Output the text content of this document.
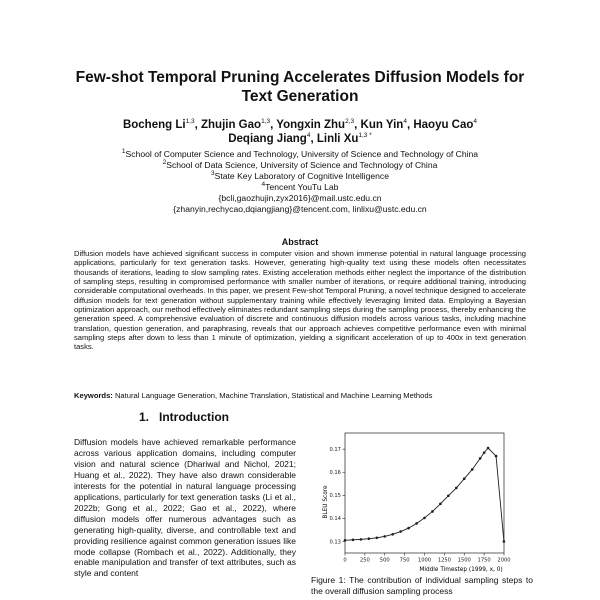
Few-shot Temporal Pruning Accelerates Diffusion Models for Text Generation
Bocheng Li$^{1,3}$, Zhujin Gao$^{1,3}$, Yongxin Zhu$^{2,3}$, Kun Yin$^4$, Haoyu Cao$^4$
Deqiang Jiang$^4$, Linli $Xu^{1,3 *}$
$^1$School of Computer Science and Technology, University of Science and Technology of China
$^2$School of Data Science, University of Science and Technology of China
$^3$State Key Laboratory of Cognitive Intelligence
$^4$Tencent YouTu Lab
{bcli,gaozhujin,zyx2016}@mail.ustc.edu.cn
{zhanyin,rechycao,dqiangjiang}@tencent.com, linlixu@ustc.edu.cn
Abstract
Diffusion models have achieved significant success in computer vision and shown immense potential in natural language processing applications, particularly for text generation tasks. However, generating high-quality text using these models often necessitates thousands of iterations, leading to slow sampling rates. Existing acceleration methods either neglect the importance of the distribution of sampling steps, resulting in compromised performance with smaller number of iterations, or require additional training, introducing considerable computational overheads. In this paper, we present Few-shot Temporal Pruning, a novel technique designed to accelerate diffusion models for text generation without supplementary training while effectively leveraging limited data. Employing a Bayesian optimization approach, our method effectively eliminates redundant sampling steps during the sampling process, thereby enhancing the generation speed. A comprehensive evaluation of discrete and continuous diffusion models across various tasks, including machine translation, question generation, and paraphrasing, reveals that our approach achieves competitive performance even with minimal sampling steps after down to less than 1 minute of optimization, yielding a significant acceleration of up to 400x in text generation tasks.
Keywords: Natural Language Generation, Machine Translation, Statistical and Machine Learning Methods
1. Introduction
Diffusion models have achieved remarkable performance across various application domains, including computer vision and natural science (Dhariwal and Nichol, 2021; Huang et al., 2022). They have also drawn considerable interests for the potential in natural language processing applications, particularly for text generation tasks (Li et al., 2022b; Gong et al., 2022; Gao et al., 2022), where diffusion models offer numerous advantages such as generating high-quality, diverse, and controllable text and providing resilience against common generation issues like mode collapse (Rombach et al., 2022). Additionally, they enable manipulation and transfer of text attributes, such as style and content
0	250 500 750 1000 1250 1500 1750 2000
0.13
0.14
0.15
0.16
0.17
Middle Timestep (1999, x, 0)
BLEU Score
Figure 1: The contribution of individual sampling steps to the overall diffusion sampling process
